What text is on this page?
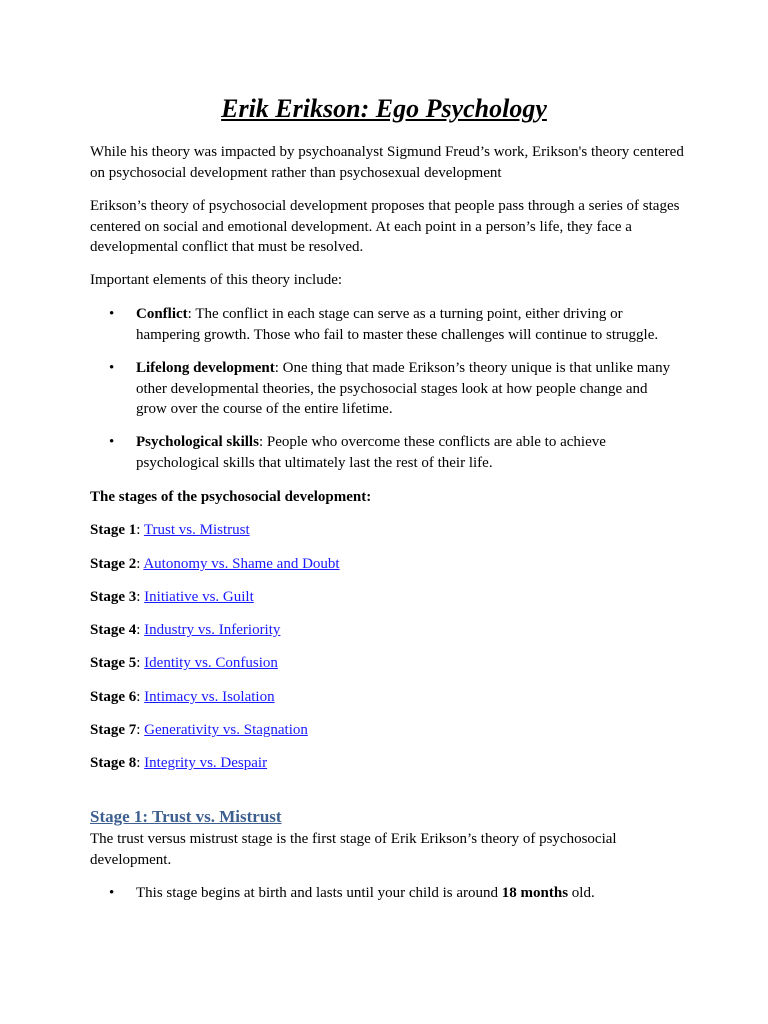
Erik Erikson: Ego Psychology

While his theory was impacted by psychoanalyst Sigmund Freud’s work, Erikson's theory centered on psychosocial development rather than psychosexual development

Erikson’s theory of psychosocial development proposes that people pass through a series of stages centered on social and emotional development. At each point in a person’s life, they face a developmental conflict that must be resolved.

Important elements of this theory include:

• Conflict: The conflict in each stage can serve as a turning point, either driving or hampering growth. Those who fail to master these challenges will continue to struggle.

• Lifelong development: One thing that made Erikson’s theory unique is that unlike many other developmental theories, the psychosocial stages look at how people change and grow over the course of the entire lifetime.

• Psychological skills: People who overcome these conflicts are able to achieve psychological skills that ultimately last the rest of their life.

The stages of the psychosocial development:

Stage 1: Trust vs. Mistrust

Stage 2: Autonomy vs. Shame and Doubt

Stage 3: Initiative vs. Guilt

Stage 4: Industry vs. Inferiority

Stage 5: Identity vs. Confusion

Stage 6: Intimacy vs. Isolation

Stage 7: Generativity vs. Stagnation

Stage 8: Integrity vs. Despair

Stage 1: Trust vs. Mistrust

The trust versus mistrust stage is the first stage of Erik Erikson’s theory of psychosocial development.

• This stage begins at birth and lasts until your child is around 18 months old.
